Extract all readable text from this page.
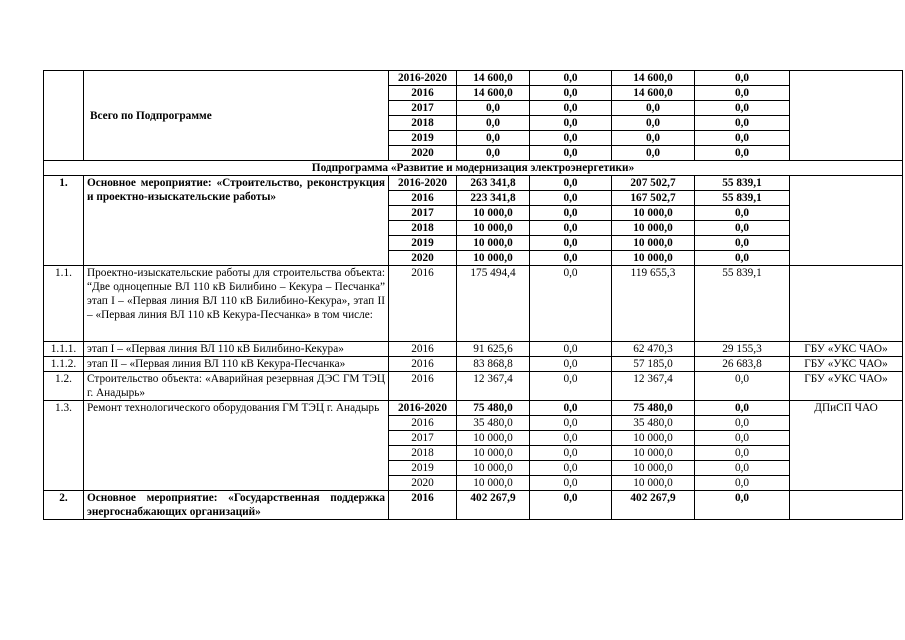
	Всего по Подпрограмме	2016-2020	14 600,0	0,0	14 600,0	0,0	
		2016	14 600,0	0,0	14 600,0	0,0	
		2017	0,0	0,0	0,0	0,0	
		2018	0,0	0,0	0,0	0,0	
		2019	0,0	0,0	0,0	0,0	
		2020	0,0	0,0	0,0	0,0	
Подпрограмма «Развитие и модернизация электроэнергетики»							
1.	Основное мероприятие: «Строительство, реконструкция и проектно-изыскательские работы»	2016-2020	263 341,8	0,0	207 502,7	55 839,1	
		2016	223 341,8	0,0	167 502,7	55 839,1	
		2017	10 000,0	0,0	10 000,0	0,0	
		2018	10 000,0	0,0	10 000,0	0,0	
		2019	10 000,0	0,0	10 000,0	0,0	
		2020	10 000,0	0,0	10 000,0	0,0	
1.1.	Проектно-изыскательские работы для строительства объекта: “Две одноцепные ВЛ 110 кВ Билибино – Кекура – Песчанка” этап I – «Первая линия ВЛ 110 кВ Билибино-Кекура», этап II – «Первая линия ВЛ 110 кВ Кекура-Песчанка» в том числе:	2016	175 494,4	0,0	119 655,3	55 839,1	
1.1.1.	этап I – «Первая линия ВЛ 110 кВ Билибино-Кекура»	2016	91 625,6	0,0	62 470,3	29 155,3	ГБУ «УКС ЧАО»
1.1.2.	этап II – «Первая линия ВЛ 110 кВ Кекура-Песчанка»	2016	83 868,8	0,0	57 185,0	26 683,8	ГБУ «УКС ЧАО»
1.2.	Строительство объекта: «Аварийная резервная ДЭС ГМ ТЭЦ г. Анадырь»	2016	12 367,4	0,0	12 367,4	0,0	ГБУ «УКС ЧАО»
1.3.	Ремонт технологического оборудования ГМ ТЭЦ г. Анадырь	2016-2020	75 480,0	0,0	75 480,0	0,0	ДПиСП ЧАО
		2016	35 480,0	0,0	35 480,0	0,0	
		2017	10 000,0	0,0	10 000,0	0,0	
		2018	10 000,0	0,0	10 000,0	0,0	
		2019	10 000,0	0,0	10 000,0	0,0	
		2020	10 000,0	0,0	10 000,0	0,0	
2.	Основное мероприятие: «Государственная поддержка энергоснабжающих организаций»	2016	402 267,9	0,0	402 267,9	0,0	
